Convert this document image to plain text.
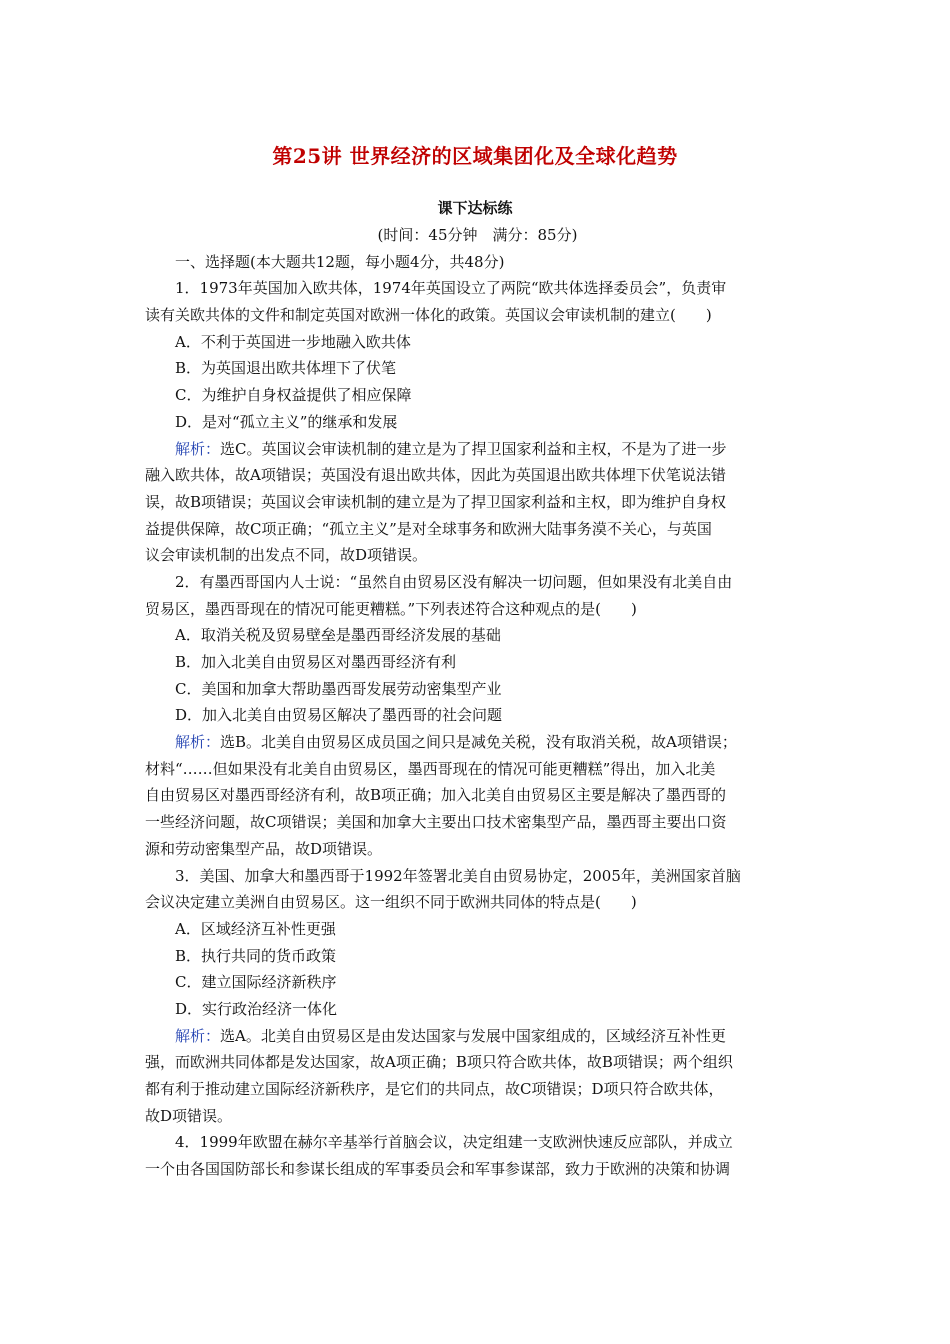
第25讲 世界经济的区域集团化及全球化趋势
课下达标练
(时间：45分钟　满分：85分)
一、选择题(本大题共12题，每小题4分，共48分)
1．1973年英国加入欧共体，1974年英国设立了两院“欧共体选择委员会”，负责审
读有关欧共体的文件和制定英国对欧洲一体化的政策。英国议会审读机制的建立(　　)
A．不利于英国进一步地融入欧共体
B．为英国退出欧共体埋下了伏笔
C．为维护自身权益提供了相应保障
D．是对“孤立主义”的继承和发展
解析：选C。英国议会审读机制的建立是为了捍卫国家利益和主权，不是为了进一步
融入欧共体，故A项错误；英国没有退出欧共体，因此为英国退出欧共体埋下伏笔说法错
误，故B项错误；英国议会审读机制的建立是为了捍卫国家利益和主权，即为维护自身权
益提供保障，故C项正确；“孤立主义”是对全球事务和欧洲大陆事务漠不关心，与英国
议会审读机制的出发点不同，故D项错误。
2．有墨西哥国内人士说：“虽然自由贸易区没有解决一切问题，但如果没有北美自由
贸易区，墨西哥现在的情况可能更糟糕。”下列表述符合这种观点的是(　　)
A．取消关税及贸易壁垒是墨西哥经济发展的基础
B．加入北美自由贸易区对墨西哥经济有利
C．美国和加拿大帮助墨西哥发展劳动密集型产业
D．加入北美自由贸易区解决了墨西哥的社会问题
解析：选B。北美自由贸易区成员国之间只是减免关税，没有取消关税，故A项错误；
材料“……但如果没有北美自由贸易区，墨西哥现在的情况可能更糟糕”得出，加入北美
自由贸易区对墨西哥经济有利，故B项正确；加入北美自由贸易区主要是解决了墨西哥的
一些经济问题，故C项错误；美国和加拿大主要出口技术密集型产品，墨西哥主要出口资
源和劳动密集型产品，故D项错误。
3．美国、加拿大和墨西哥于1992年签署北美自由贸易协定，2005年，美洲国家首脑
会议决定建立美洲自由贸易区。这一组织不同于欧洲共同体的特点是(　　)
A．区域经济互补性更强
B．执行共同的货币政策
C．建立国际经济新秩序
D．实行政治经济一体化
解析：选A。北美自由贸易区是由发达国家与发展中国家组成的，区域经济互补性更
强，而欧洲共同体都是发达国家，故A项正确；B项只符合欧共体，故B项错误；两个组织
都有利于推动建立国际经济新秩序，是它们的共同点，故C项错误；D项只符合欧共体，
故D项错误。
4．1999年欧盟在赫尔辛基举行首脑会议，决定组建一支欧洲快速反应部队，并成立
一个由各国国防部长和参谋长组成的军事委员会和军事参谋部，致力于欧洲的决策和协调
